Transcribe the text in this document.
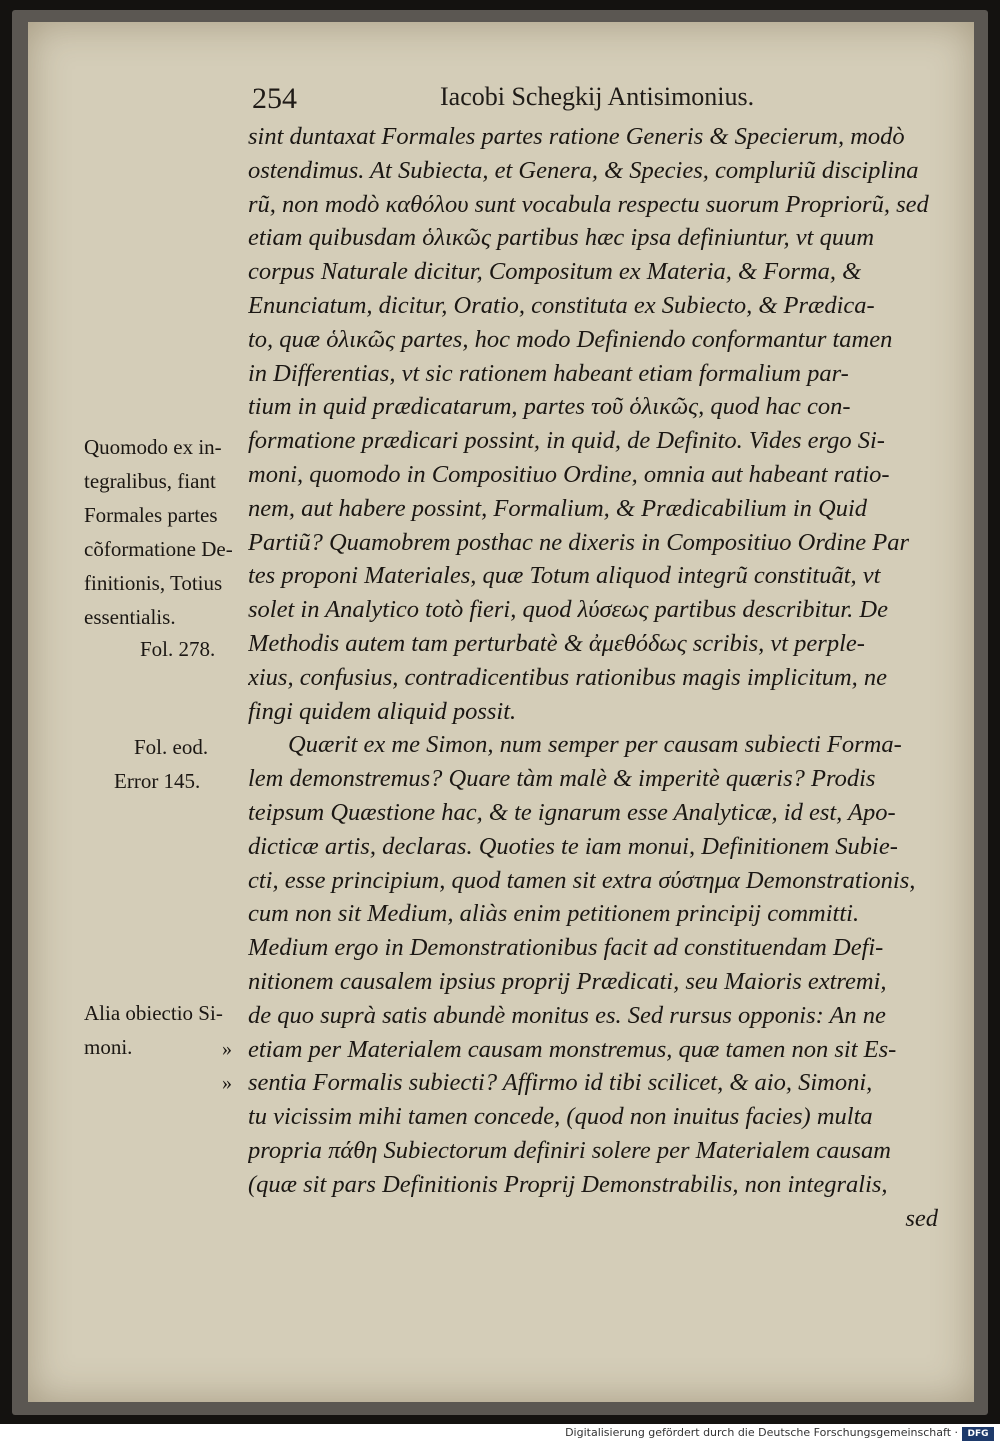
254	Iacobi Schegkij Antisimonius.
sint duntaxat Formales partes ratione Generis & Specierum, modò
ostendimus. At Subiecta, et Genera, & Species, compluriũ disciplina
rũ, non modò καθόλου sunt vocabula respectu suorum Propriorũ, sed
etiam quibusdam ὁλικῶς partibus hæc ipsa definiuntur, vt quum
corpus Naturale dicitur, Compositum ex Materia, & Forma, &
Enunciatum, dicitur, Oratio, constituta ex Subiecto, & Prædica-
to, quæ ὁλικῶς partes, hoc modo Definiendo conformantur tamen
in Differentias, vt sic rationem habeant etiam formalium par-
tium in quid prædicatarum, partes τοῦ ὁλικῶς, quod hac con-
formatione prædicari possint, in quid, de Definito. Vides ergo Si-
moni, quomodo in Compositiuo Ordine, omnia aut habeant ratio-
nem, aut habere possint, Formalium, & Prædicabilium in Quid
Partiũ? Quamobrem posthac ne dixeris in Compositiuo Ordine Par
tes proponi Materiales, quæ Totum aliquod integrũ constituãt, vt
solet in Analytico totò fieri, quod λύσεως partibus describitur. De
Methodis autem tam perturbatè & ἀμεθόδως scribis, vt perple-
xius, confusius, contradicentibus rationibus magis implicitum, ne
fingi quidem aliquid possit.
Quærit ex me Simon, num semper per causam subiecti Forma-
lem demonstremus? Quare tàm malè & imperitè quæris? Prodis
teipsum Quæstione hac, & te ignarum esse Analyticæ, id est, Apo-
dicticæ artis, declaras. Quoties te iam monui, Definitionem Subie-
cti, esse principium, quod tamen sit extra σύστημα Demonstrationis,
cum non sit Medium, aliàs enim petitionem principij committi.
Medium ergo in Demonstrationibus facit ad constituendam Defi-
nitionem causalem ipsius proprij Prædicati, seu Maioris extremi,
de quo suprà satis abundè monitus es. Sed rursus opponis: An ne
etiam per Materialem causam monstremus, quæ tamen non sit Es-
sentia Formalis subiecti? Affirmo id tibi scilicet, & aio, Simoni,
tu vicissim mihi tamen concede, (quod non inuitus facies) multa
propria πάθη Subiectorum definiri solere per Materialem causam
(quæ sit pars Definitionis Proprij Demonstrabilis, non integralis,
sed
Quomodo ex in-
tegralibus, fiant
Formales partes
cõformatione De-
finitionis, Totius
essentialis.
Fol. 278.
Fol. eod.
Error 145.
Alia obiectio Si-
moni.	»
»
Digitalisierung gefördert durch die Deutsche Forschungsgemeinschaft ·	DFG
